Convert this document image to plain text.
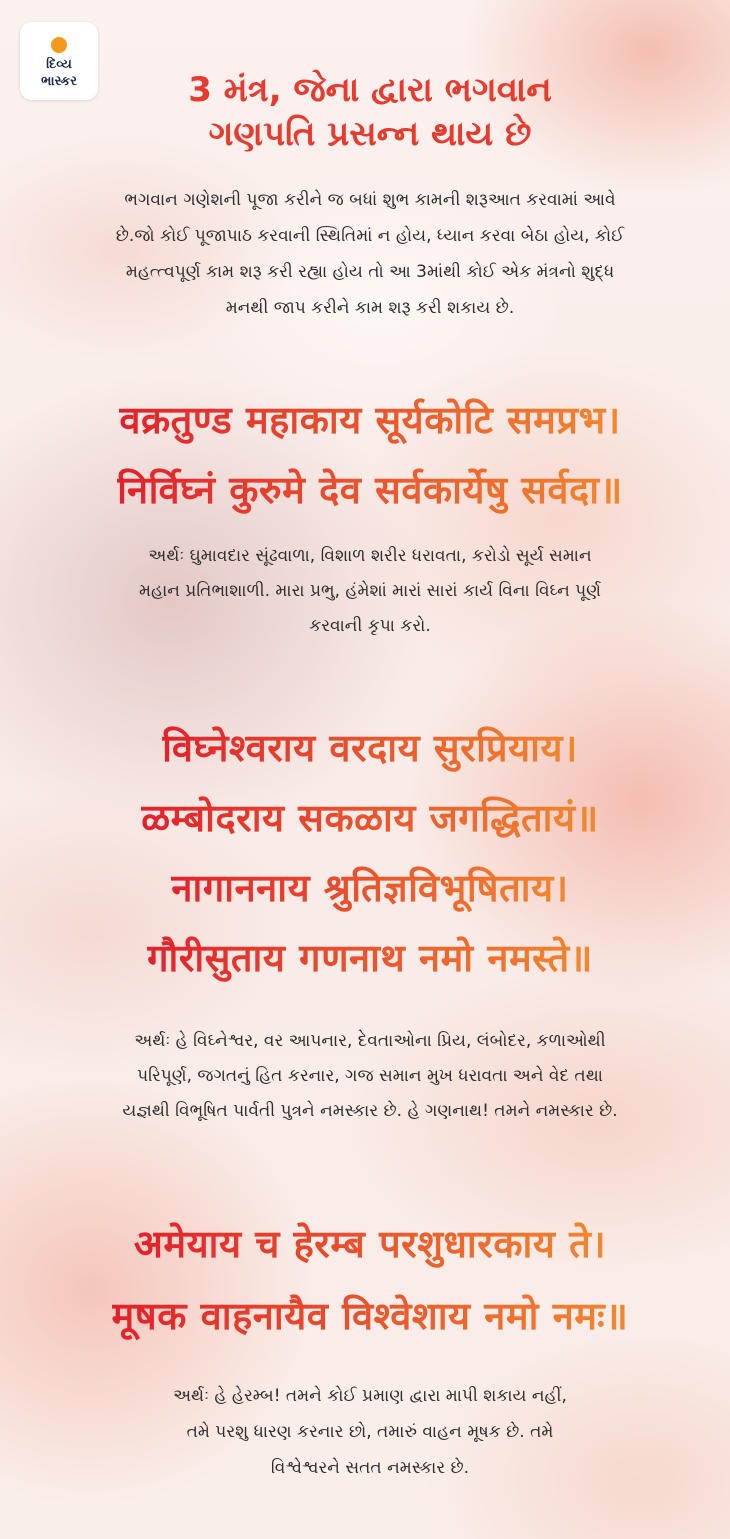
દિવ્ય
ભાસ્કર	3 મંત્ર, જેના દ્વારા ભગવાન
ગણપતિ પ્રસન્ન થાય છે
ભગવાન ગણેશની પૂજા કરીને જ બધાં શુભ કામની શરૂઆત કરવામાં આવે
છે.જો કોઈ પૂજાપાઠ કરવાની સ્થિતિમાં ન હોય, ધ્યાન કરવા બેઠા હોય, કોઈ
મહત્ત્વપૂર્ણ કામ શરૂ કરી રહ્યા હોય તો આ 3માંથી કોઈ એક મંત્રનો શુદ્ધ
મનથી જાપ કરીને કામ શરૂ કરી શકાય છે.
वक्रतुण्ड महाकाय सूर्यकोटि समप्रभ।
निर्विघ्नं कुरुमे देव सर्वकार्येषु सर्वदा॥
અર્થઃ ઘુમાવદાર સૂંઢવાળા, વિશાળ શરીર ધરાવતા, કરોડો સૂર્ય સમાન
મહાન પ્રતિભાશાળી. મારા પ્રભુ, હંમેશાં મારાં સારાં કાર્ય વિના વિઘ્ન પૂર્ણ
કરવાની કૃપા કરો.
विघ्नेश्वराय वरदाय सुरप्रियाय।
ळम्बोदराय सकळाय जगद्धितायं॥
नागाननाय श्रुतिज्ञविभूषिताय।
गौरीसुताय गणनाथ नमो नमस्ते॥
અર્થઃ હે વિઘ્નેશ્વર, વર આપનાર, દેવતાઓના પ્રિય, લંબોદર, કળાઓથી
પરિપૂર્ણ, જગતનું હિત કરનાર, ગજ સમાન મુખ ધરાવતા અને વેદ તથા
યજ્ઞથી વિભૂષિત પાર્વતી પુત્રને નમસ્કાર છે. હે ગણનાથ! તમને નમસ્કાર છે.
अमेयाय च हेरम्ब परशुधारकाय ते।
मूषक वाहनायैव विश्वेशाय नमो नमः॥
અર્થઃ હે હેરમ્બ! તમને કોઈ પ્રમાણ દ્વારા માપી શકાય નહીં,
તમે પરશુ ધારણ કરનાર છો, તમારું વાહન મૂષક છે. તમે
વિશ્વેશ્વરને સતત નમસ્કાર છે.
